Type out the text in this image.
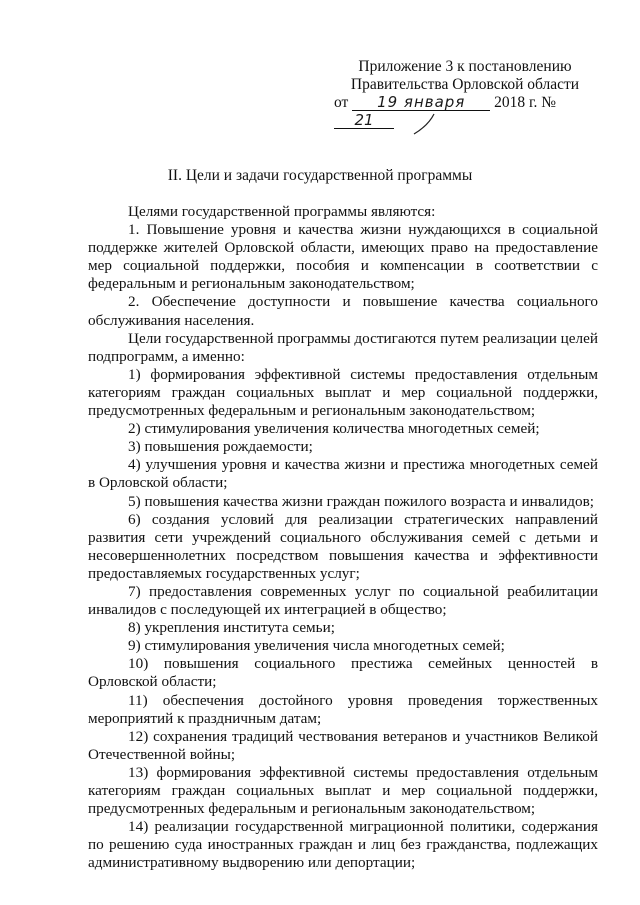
Приложение 3 к постановлению
Правительства Орловской области
от 19 января 2018 г. № 21
II. Цели и задачи государственной программы

Целями государственной программы являются:

1. Повышение уровня и качества жизни нуждающихся в социальной поддержке жителей Орловской области, имеющих право на предоставление мер социальной поддержки, пособия и компенсации в соответствии с федеральным и региональным законодательством;

2. Обеспечение доступности и повышение качества социального обслуживания населения.

Цели государственной программы достигаются путем реализации целей подпрограмм, а именно:

1) формирования эффективной системы предоставления отдельным категориям граждан социальных выплат и мер социальной поддержки, предусмотренных федеральным и региональным законодательством;

2) стимулирования увеличения количества многодетных семей;

3) повышения рождаемости;

4) улучшения уровня и качества жизни и престижа многодетных семей в Орловской области;

5) повышения качества жизни граждан пожилого возраста и инвалидов;

6) создания условий для реализации стратегических направлений развития сети учреждений социального обслуживания семей с детьми и несовершеннолетних посредством повышения качества и эффективности предоставляемых государственных услуг;

7) предоставления современных услуг по социальной реабилитации инвалидов с последующей их интеграцией в общество;

8) укрепления института семьи;

9) стимулирования увеличения числа многодетных семей;

10) повышения социального престижа семейных ценностей в Орловской области;

11) обеспечения достойного уровня проведения торжественных мероприятий к праздничным датам;

12) сохранения традиций чествования ветеранов и участников Великой Отечественной войны;

13) формирования эффективной системы предоставления отдельным категориям граждан социальных выплат и мер социальной поддержки, предусмотренных федеральным и региональным законодательством;

14) реализации государственной миграционной политики, содержания по решению суда иностранных граждан и лиц без гражданства, подлежащих административному выдворению или депортации;
